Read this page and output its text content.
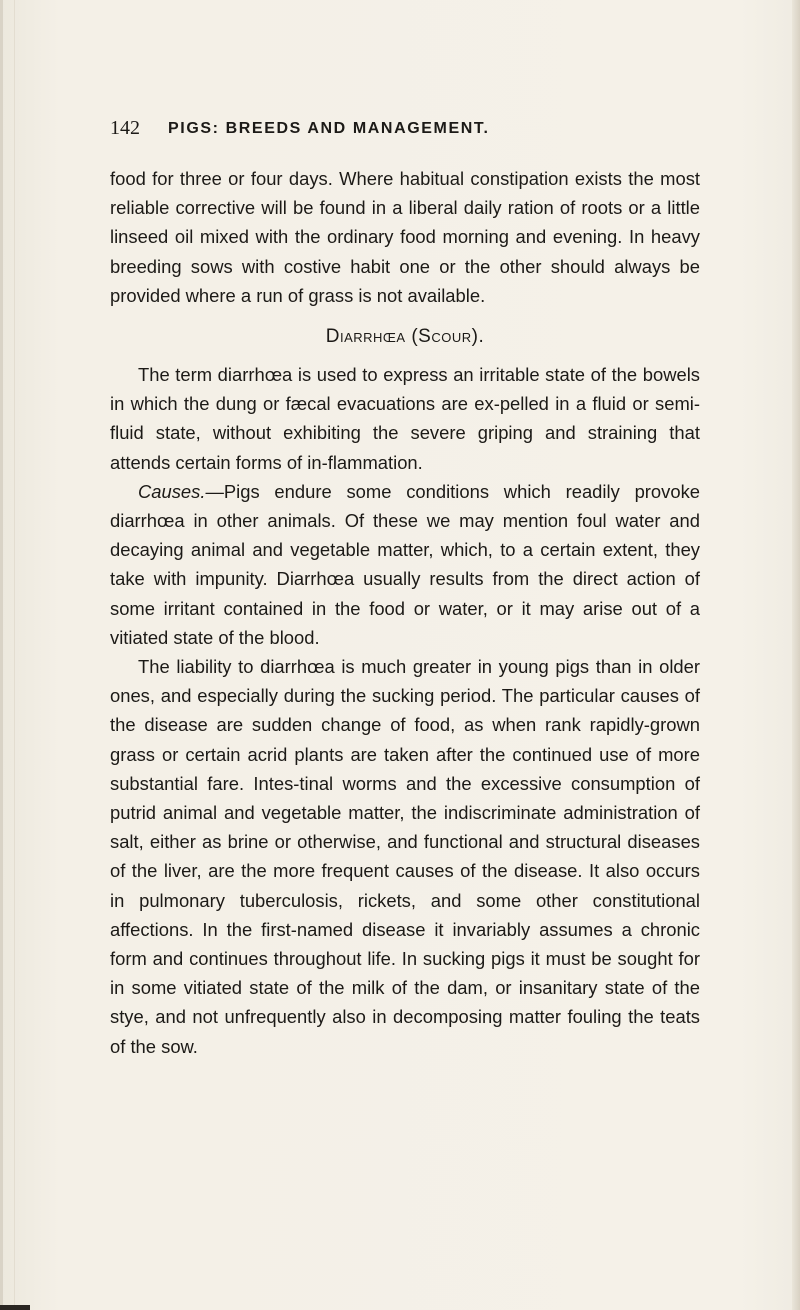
142 PIGS: BREEDS AND MANAGEMENT.

food for three or four days. Where habitual constipation exists the most reliable corrective will be found in a liberal daily ration of roots or a little linseed oil mixed with the ordinary food morning and evening. In heavy breeding sows with costive habit one or the other should always be provided where a run of grass is not available.

Diarrhœa (Scour).

The term diarrhœa is used to express an irritable state of the bowels in which the dung or fæcal evacuations are ex-pelled in a fluid or semi-fluid state, without exhibiting the severe griping and straining that attends certain forms of in-flammation.

Causes.—Pigs endure some conditions which readily provoke diarrhœa in other animals. Of these we may mention foul water and decaying animal and vegetable matter, which, to a certain extent, they take with impunity. Diarrhœa usually results from the direct action of some irritant contained in the food or water, or it may arise out of a vitiated state of the blood.

The liability to diarrhœa is much greater in young pigs than in older ones, and especially during the sucking period. The particular causes of the disease are sudden change of food, as when rank rapidly-grown grass or certain acrid plants are taken after the continued use of more substantial fare. Intes-tinal worms and the excessive consumption of putrid animal and vegetable matter, the indiscriminate administration of salt, either as brine or otherwise, and functional and structural diseases of the liver, are the more frequent causes of the disease. It also occurs in pulmonary tuberculosis, rickets, and some other constitutional affections. In the first-named disease it invariably assumes a chronic form and continues throughout life. In sucking pigs it must be sought for in some vitiated state of the milk of the dam, or insanitary state of the stye, and not unfrequently also in decomposing matter fouling the teats of the sow.
